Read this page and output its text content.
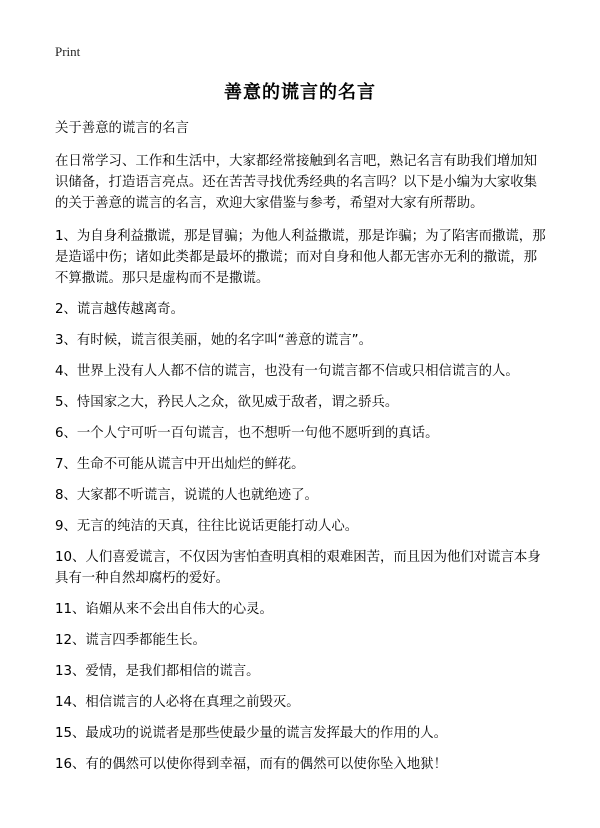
Print
善意的谎言的名言

关于善意的谎言的名言

在日常学习、工作和生活中，大家都经常接触到名言吧，熟记名言有助我们增加知识储备，打造语言亮点。还在苦苦寻找优秀经典的名言吗？以下是小编为大家收集的关于善意的谎言的名言，欢迎大家借鉴与参考，希望对大家有所帮助。

1、为自身利益撒谎，那是冒骗；为他人利益撒谎，那是诈骗；为了陷害而撒谎，那是造谣中伤；诸如此类都是最坏的撒谎；而对自身和他人都无害亦无利的撒谎，那不算撒谎。那只是虚构而不是撒谎。

2、谎言越传越离奇。

3、有时候，谎言很美丽，她的名字叫“善意的谎言”。

4、世界上没有人人都不信的谎言，也没有一句谎言都不信或只相信谎言的人。

5、恃国家之大，矜民人之众，欲见威于敌者，谓之骄兵。

6、一个人宁可听一百句谎言，也不想听一句他不愿听到的真话。

7、生命不可能从谎言中开出灿烂的鲜花。

8、大家都不听谎言，说谎的人也就绝迹了。

9、无言的纯洁的天真，往往比说话更能打动人心。

10、人们喜爱谎言，不仅因为害怕查明真相的艰难困苦，而且因为他们对谎言本身具有一种自然却腐朽的爱好。

11、谄媚从来不会出自伟大的心灵。

12、谎言四季都能生长。

13、爱情，是我们都相信的谎言。

14、相信谎言的人必将在真理之前毁灭。

15、最成功的说谎者是那些使最少量的谎言发挥最大的作用的人。

16、有的偶然可以使你得到幸福，而有的偶然可以使你坠入地狱！
